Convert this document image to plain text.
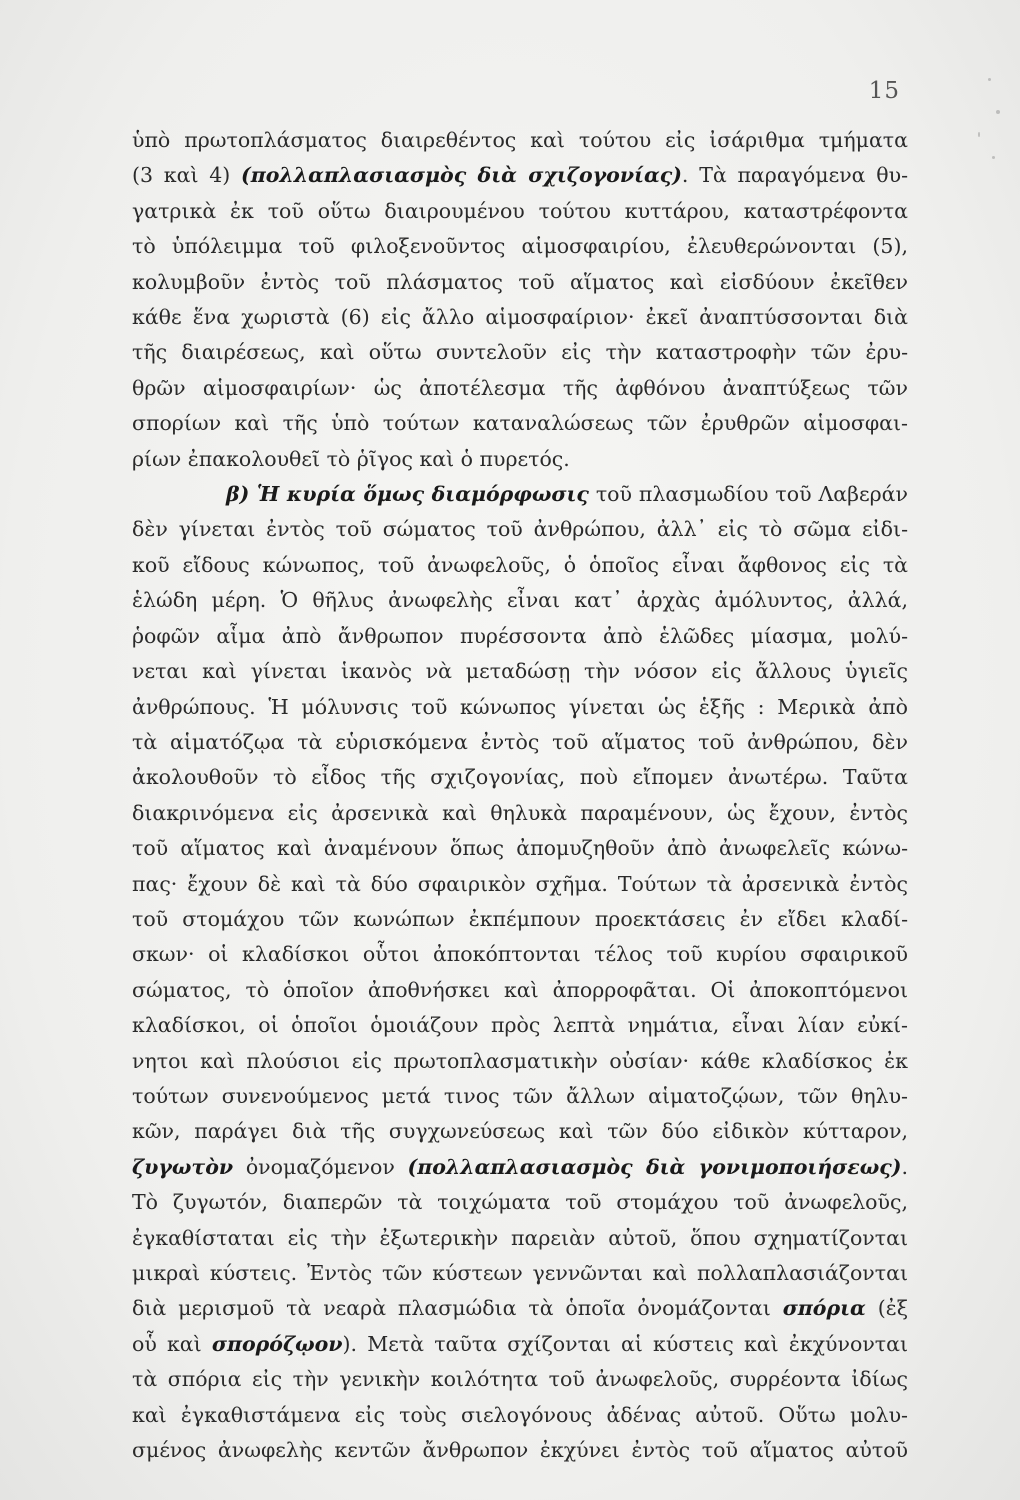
15
ὑπὸ πρωτοπλάσματος διαιρεθέντος καὶ τούτου εἰς ἰσάριθμα τμήματα
(3 καὶ 4) (πολλαπλασιασμὸς διὰ σχιζογονίας). Τὰ παραγόμενα θυ-
γατρικὰ ἐκ τοῦ οὕτω διαιρουμένου τούτου κυττάρου, καταστρέφοντα
τὸ ὑπόλειμμα τοῦ φιλοξενοῦντος αἱμοσφαιρίου, ἐλευθερώνονται (5),
κολυμβοῦν ἐντὸς τοῦ πλάσματος τοῦ αἵματος καὶ εἰσδύουν ἐκεῖθεν
κάθε ἕνα χωριστὰ (6) εἰς ἄλλο αἱμοσφαίριον· ἐκεῖ ἀναπτύσσονται διὰ
τῆς διαιρέσεως, καὶ οὕτω συντελοῦν εἰς τὴν καταστροφὴν τῶν ἐρυ-
θρῶν αἱμοσφαιρίων· ὡς ἀποτέλεσμα τῆς ἀφθόνου ἀναπτύξεως τῶν
σπορίων καὶ τῆς ὑπὸ τούτων καταναλώσεως τῶν ἐρυθρῶν αἱμοσφαι-
ρίων ἐπακολουθεῖ τὸ ῥῖγος καὶ ὁ πυρετός.
β) Ἡ κυρία ὅμως διαμόρφωσις τοῦ πλασμωδίου τοῦ Λαβεράν
δὲν γίνεται ἐντὸς τοῦ σώματος τοῦ ἀνθρώπου, ἀλλ᾿ εἰς τὸ σῶμα εἰδι-
κοῦ εἴδους κώνωπος, τοῦ ἀνωφελοῦς, ὁ ὁποῖος εἶναι ἄφθονος εἰς τὰ
ἑλώδη μέρη. Ὁ θῆλυς ἀνωφελὴς εἶναι κατ᾿ ἀρχὰς ἀμόλυντος, ἀλλά,
ῥοφῶν αἷμα ἀπὸ ἄνθρωπον πυρέσσοντα ἀπὸ ἑλῶδες μίασμα, μολύ-
νεται καὶ γίνεται ἱκανὸς νὰ μεταδώσῃ τὴν νόσον εἰς ἄλλους ὑγιεῖς
ἀνθρώπους. Ἡ μόλυνσις τοῦ κώνωπος γίνεται ὡς ἑξῆς : Μερικὰ ἀπὸ
τὰ αἱματόζῳα τὰ εὑρισκόμενα ἐντὸς τοῦ αἵματος τοῦ ἀνθρώπου, δὲν
ἀκολουθοῦν τὸ εἶδος τῆς σχιζογονίας, ποὺ εἴπομεν ἀνωτέρω. Ταῦτα
διακρινόμενα εἰς ἀρσενικὰ καὶ θηλυκὰ παραμένουν, ὡς ἔχουν, ἐντὸς
τοῦ αἵματος καὶ ἀναμένουν ὅπως ἀπομυζηθοῦν ἀπὸ ἀνωφελεῖς κώνω-
πας· ἔχουν δὲ καὶ τὰ δύο σφαιρικὸν σχῆμα. Τούτων τὰ ἀρσενικὰ ἐντὸς
τοῦ στομάχου τῶν κωνώπων ἐκπέμπουν προεκτάσεις ἐν εἴδει κλαδί-
σκων· οἱ κλαδίσκοι οὗτοι ἀποκόπτονται τέλος τοῦ κυρίου σφαιρικοῦ
σώματος, τὸ ὁποῖον ἀποθνήσκει καὶ ἀπορροφᾶται. Οἱ ἀποκοπτόμενοι
κλαδίσκοι, οἱ ὁποῖοι ὁμοιάζουν πρὸς λεπτὰ νημάτια, εἶναι λίαν εὐκί-
νητοι καὶ πλούσιοι εἰς πρωτοπλασματικὴν οὐσίαν· κάθε κλαδίσκος ἐκ
τούτων συνενούμενος μετά τινος τῶν ἄλλων αἱματοζῴων, τῶν θηλυ-
κῶν, παράγει διὰ τῆς συγχωνεύσεως καὶ τῶν δύο εἰδικὸν κύτταρον,
ζυγωτὸν ὀνομαζόμενον (πολλαπλασιασμὸς διὰ γονιμοποιήσεως).
Τὸ ζυγωτόν, διαπερῶν τὰ τοιχώματα τοῦ στομάχου τοῦ ἀνωφελοῦς,
ἐγκαθίσταται εἰς τὴν ἐξωτερικὴν παρειὰν αὐτοῦ, ὅπου σχηματίζονται
μικραὶ κύστεις. Ἐντὸς τῶν κύστεων γεννῶνται καὶ πολλαπλασιάζονται
διὰ μερισμοῦ τὰ νεαρὰ πλασμώδια τὰ ὁποῖα ὀνομάζονται σπόρια (ἐξ
οὗ καὶ σπορόζῳον). Μετὰ ταῦτα σχίζονται αἱ κύστεις καὶ ἐκχύνονται
τὰ σπόρια εἰς τὴν γενικὴν κοιλότητα τοῦ ἀνωφελοῦς, συρρέοντα ἰδίως
καὶ ἐγκαθιστάμενα εἰς τοὺς σιελογόνους ἀδένας αὐτοῦ. Οὕτω μολυ-
σμένος ἀνωφελὴς κεντῶν ἄνθρωπον ἐκχύνει ἐντὸς τοῦ αἵματος αὐτοῦ
